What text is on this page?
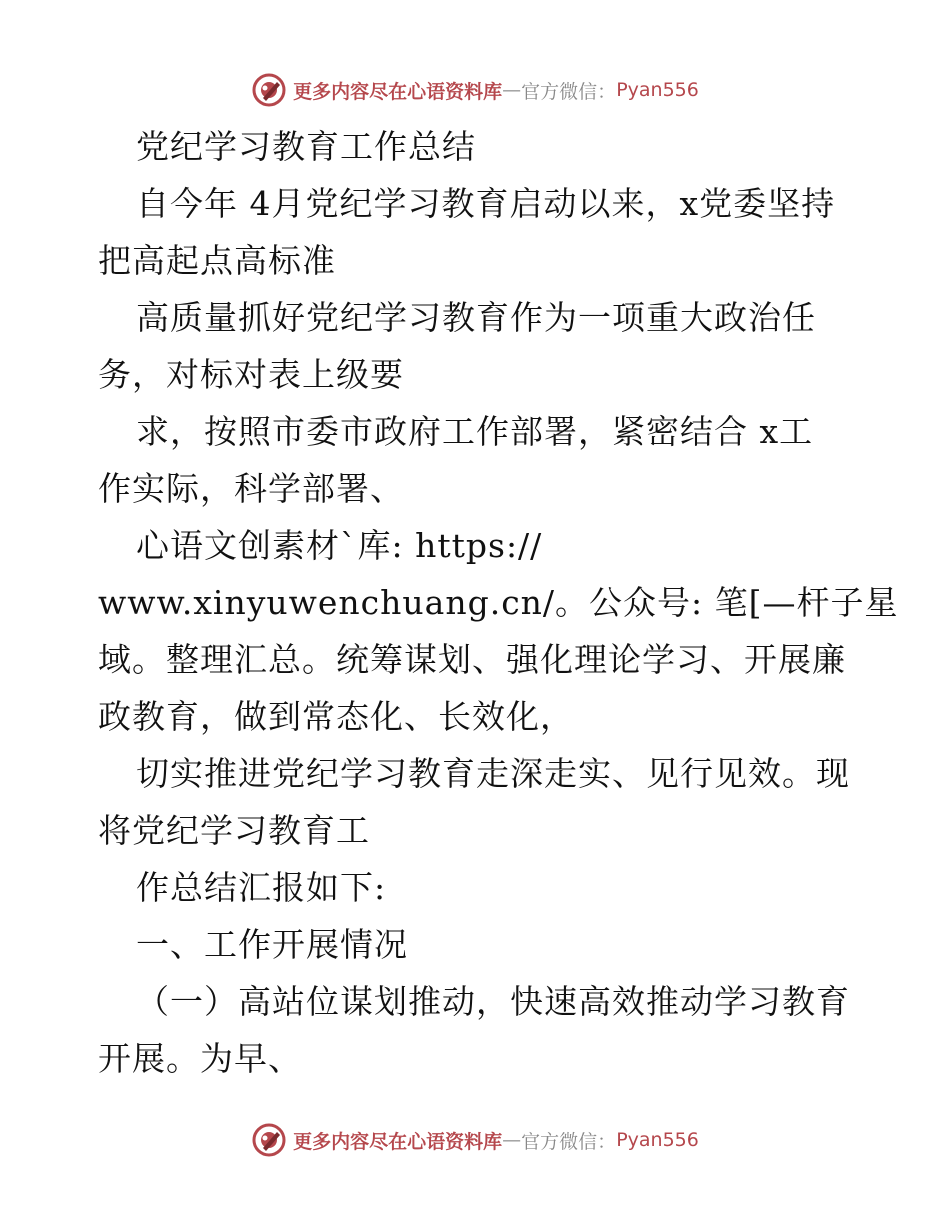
更多内容尽在心语资料库 — 官方微信： Pyan556
党纪学习教育工作总结
自今年 4月党纪学习教育启动以来，x党委坚持
把高起点高标准
高质量抓好党纪学习教育作为一项重大政治任
务，对标对表上级要
求，按照市委市政府工作部署，紧密结合 x工
作实际，科学部署、
心语文创素材`库: https://
www.xinyuwenchuang.cn/。公众号: 笔[—杆子星
域。整理汇总。统筹谋划、强化理论学习、开展廉
政教育，做到常态化、长效化，
切实推进党纪学习教育走深走实、见行见效。现
将党纪学习教育工
作总结汇报如下:
一、工作开展情况
（一）高站位谋划推动，快速高效推动学习教育
开展。为早、
更多内容尽在心语资料库 — 官方微信： Pyan556
